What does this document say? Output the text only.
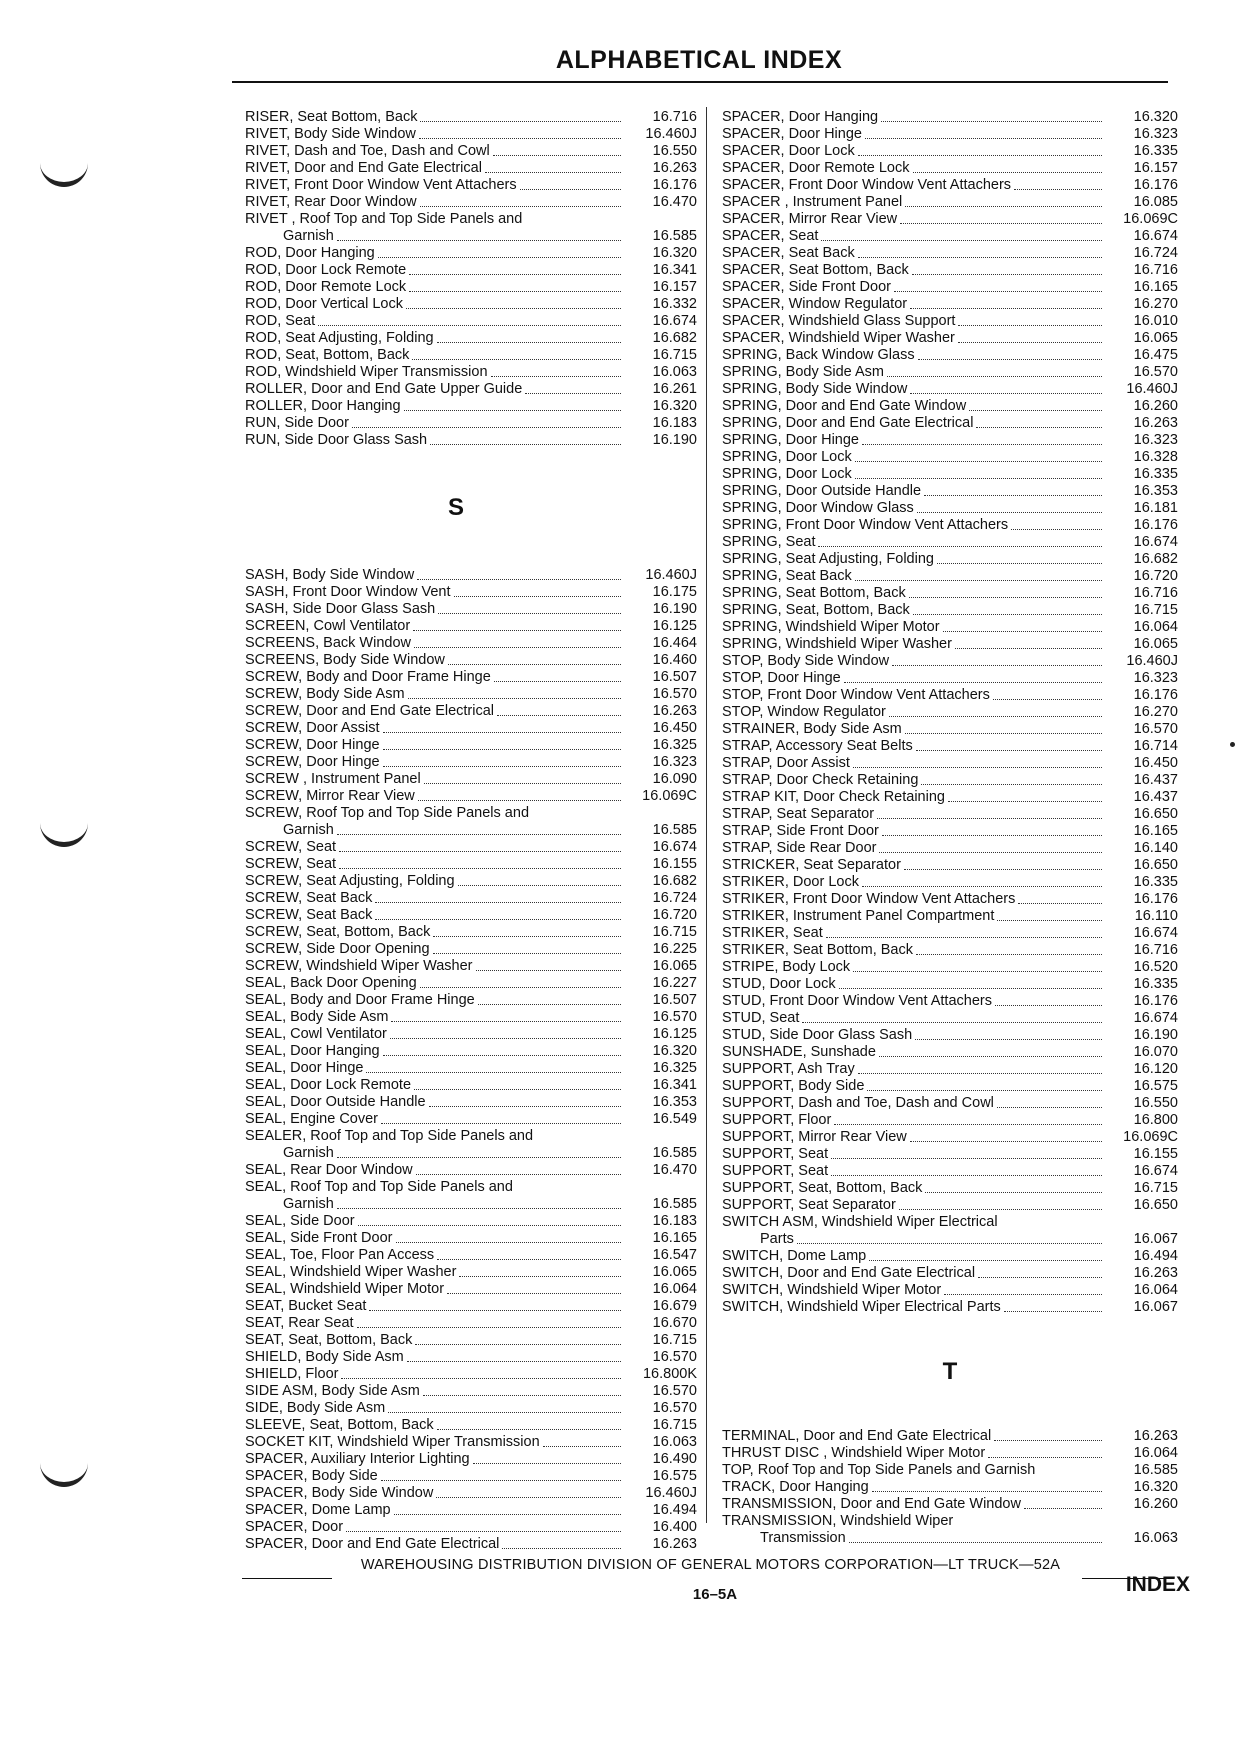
ALPHABETICAL INDEX
RISER, Seat Bottom, Back	16.716
RIVET, Body Side Window	16.460J
RIVET, Dash and Toe, Dash and Cowl	16.550
RIVET, Door and End Gate Electrical	16.263
RIVET, Front Door Window Vent Attachers	16.176
RIVET, Rear Door Window	16.470
RIVET , Roof Top and Top Side Panels and
Garnish	16.585
ROD, Door Hanging	16.320
ROD, Door Lock Remote	16.341
ROD, Door Remote Lock	16.157
ROD, Door Vertical Lock	16.332
ROD, Seat	16.674
ROD, Seat Adjusting, Folding	16.682
ROD, Seat, Bottom, Back	16.715
ROD, Windshield Wiper Transmission	16.063
ROLLER, Door and End Gate Upper Guide	16.261
ROLLER, Door Hanging	16.320
RUN, Side Door	16.183
RUN, Side Door Glass Sash	16.190
S
SASH, Body Side Window	16.460J
SASH, Front Door Window Vent	16.175
SASH, Side Door Glass Sash	16.190
SCREEN, Cowl Ventilator	16.125
SCREENS, Back Window	16.464
SCREENS, Body Side Window	16.460
SCREW, Body and Door Frame Hinge	16.507
SCREW, Body Side Asm	16.570
SCREW, Door and End Gate Electrical	16.263
SCREW, Door Assist	16.450
SCREW, Door Hinge	16.325
SCREW, Door Hinge	16.323
SCREW , Instrument Panel	16.090
SCREW, Mirror Rear View	16.069C
SCREW, Roof Top and Top Side Panels and
Garnish	16.585
SCREW, Seat	16.674
SCREW, Seat	16.155
SCREW, Seat Adjusting, Folding	16.682
SCREW, Seat Back	16.724
SCREW, Seat Back	16.720
SCREW, Seat, Bottom, Back	16.715
SCREW, Side Door Opening	16.225
SCREW, Windshield Wiper Washer	16.065
SEAL, Back Door Opening	16.227
SEAL, Body and Door Frame Hinge	16.507
SEAL, Body Side Asm	16.570
SEAL, Cowl Ventilator	16.125
SEAL, Door Hanging	16.320
SEAL, Door Hinge	16.325
SEAL, Door Lock Remote	16.341
SEAL, Door Outside Handle	16.353
SEAL, Engine Cover	16.549
SEALER, Roof Top and Top Side Panels and
Garnish	16.585
SEAL, Rear Door Window	16.470
SEAL, Roof Top and Top Side Panels and
Garnish	16.585
SEAL, Side Door	16.183
SEAL, Side Front Door	16.165
SEAL, Toe, Floor Pan Access	16.547
SEAL, Windshield Wiper Washer	16.065
SEAL, Windshield Wiper Motor	16.064
SEAT, Bucket Seat	16.679
SEAT, Rear Seat	16.670
SEAT, Seat, Bottom, Back	16.715
SHIELD, Body Side Asm	16.570
SHIELD, Floor	16.800K
SIDE ASM, Body Side Asm	16.570
SIDE, Body Side Asm	16.570
SLEEVE, Seat, Bottom, Back	16.715
SOCKET KIT, Windshield Wiper Transmission	16.063
SPACER, Auxiliary Interior Lighting	16.490
SPACER, Body Side	16.575
SPACER, Body Side Window	16.460J
SPACER, Dome Lamp	16.494
SPACER, Door	16.400
SPACER, Door and End Gate Electrical	16.263
SPACER, Door Hanging	16.320
SPACER, Door Hinge	16.323
SPACER, Door Lock	16.335
SPACER, Door Remote Lock	16.157
SPACER, Front Door Window Vent Attachers	16.176
SPACER , Instrument Panel	16.085
SPACER, Mirror Rear View	16.069C
SPACER, Seat	16.674
SPACER, Seat Back	16.724
SPACER, Seat Bottom, Back	16.716
SPACER, Side Front Door	16.165
SPACER, Window Regulator	16.270
SPACER, Windshield Glass Support	16.010
SPACER, Windshield Wiper Washer	16.065
SPRING, Back Window Glass	16.475
SPRING, Body Side Asm	16.570
SPRING, Body Side Window	16.460J
SPRING, Door and End Gate Window	16.260
SPRING, Door and End Gate Electrical	16.263
SPRING, Door Hinge	16.323
SPRING, Door Lock	16.328
SPRING, Door Lock	16.335
SPRING, Door Outside Handle	16.353
SPRING, Door Window Glass	16.181
SPRING, Front Door Window Vent Attachers	16.176
SPRING, Seat	16.674
SPRING, Seat Adjusting, Folding	16.682
SPRING, Seat Back	16.720
SPRING, Seat Bottom, Back	16.716
SPRING, Seat, Bottom, Back	16.715
SPRING, Windshield Wiper Motor	16.064
SPRING, Windshield Wiper Washer	16.065
STOP, Body Side Window	16.460J
STOP, Door Hinge	16.323
STOP, Front Door Window Vent Attachers	16.176
STOP, Window Regulator	16.270
STRAINER, Body Side Asm	16.570
STRAP, Accessory Seat Belts	16.714
STRAP, Door Assist	16.450
STRAP, Door Check Retaining	16.437
STRAP KIT, Door Check Retaining	16.437
STRAP, Seat Separator	16.650
STRAP, Side Front Door	16.165
STRAP, Side Rear Door	16.140
STRICKER, Seat Separator	16.650
STRIKER, Door Lock	16.335
STRIKER, Front Door Window Vent Attachers	16.176
STRIKER, Instrument Panel Compartment	16.110
STRIKER, Seat	16.674
STRIKER, Seat Bottom, Back	16.716
STRIPE, Body Lock	16.520
STUD, Door Lock	16.335
STUD, Front Door Window Vent Attachers	16.176
STUD, Seat	16.674
STUD, Side Door Glass Sash	16.190
SUNSHADE, Sunshade	16.070
SUPPORT, Ash Tray	16.120
SUPPORT, Body Side	16.575
SUPPORT, Dash and Toe, Dash and Cowl	16.550
SUPPORT, Floor	16.800
SUPPORT, Mirror Rear View	16.069C
SUPPORT, Seat	16.155
SUPPORT, Seat	16.674
SUPPORT, Seat, Bottom, Back	16.715
SUPPORT, Seat Separator	16.650
SWITCH ASM, Windshield Wiper Electrical
Parts	16.067
SWITCH, Dome Lamp	16.494
SWITCH, Door and End Gate Electrical	16.263
SWITCH, Windshield Wiper Motor	16.064
SWITCH, Windshield Wiper Electrical Parts	16.067
T
TERMINAL, Door and End Gate Electrical	16.263
THRUST DISC , Windshield Wiper Motor	16.064
TOP, Roof Top and Top Side Panels and Garnish	16.585
TRACK, Door Hanging	16.320
TRANSMISSION, Door and End Gate Window	16.260
TRANSMISSION, Windshield Wiper
Transmission	16.063
WAREHOUSING DISTRIBUTION DIVISION OF GENERAL MOTORS CORPORATION—LT TRUCK—52A
16–5A	INDEX
